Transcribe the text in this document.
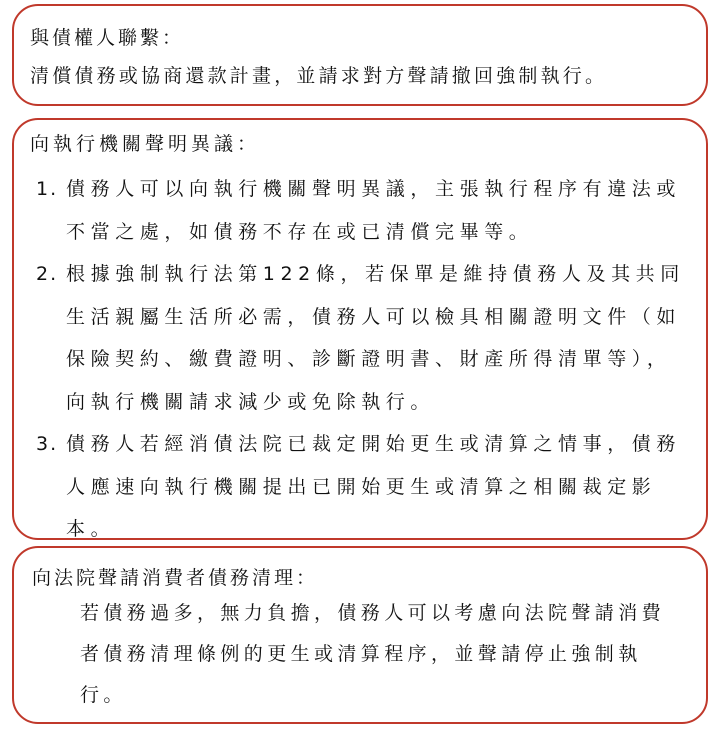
與債權人聯繫：
清償債務或協商還款計畫，並請求對方聲請撤回強制執行。
向執行機關聲明異議：
1. 債務人可以向執行機關聲明異議，主張執行程序有違法或不當之處，如債務不存在或已清償完畢等。
2. 根據強制執行法第122條，若保單是維持債務人及其共同生活親屬生活所必需，債務人可以檢具相關證明文件（如保險契約、繳費證明、診斷證明書、財產所得清單等），向執行機關請求減少或免除執行。
3. 債務人若經消債法院已裁定開始更生或清算之情事，債務人應速向執行機關提出已開始更生或清算之相關裁定影本。
向法院聲請消費者債務清理：
若債務過多，無力負擔，債務人可以考慮向法院聲請消費者債務清理條例的更生或清算程序，並聲請停止強制執行。
